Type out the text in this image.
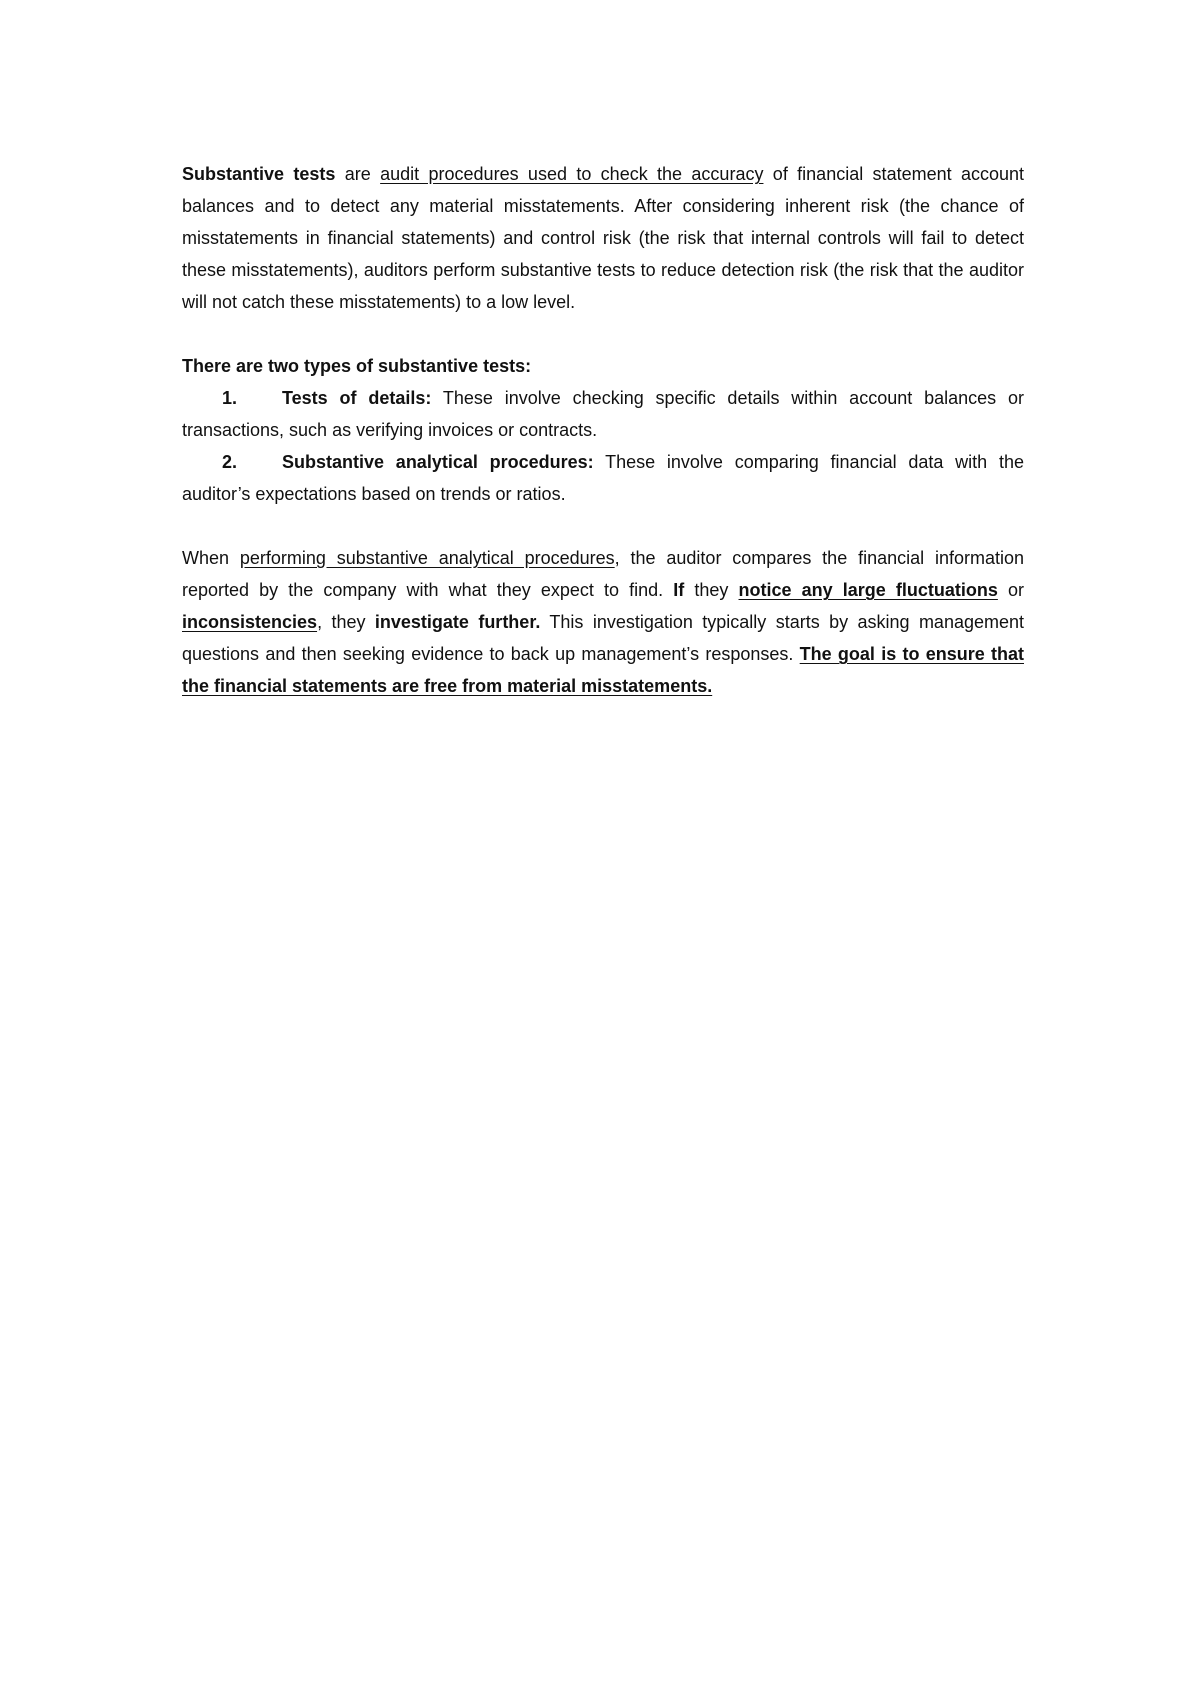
Substantive tests are audit procedures used to check the accuracy of financial statement account balances and to detect any material misstatements. After considering inherent risk (the chance of misstatements in financial statements) and control risk (the risk that internal controls will fail to detect these misstatements), auditors perform substantive tests to reduce detection risk (the risk that the auditor will not catch these misstatements) to a low level.

There are two types of substantive tests:

1. Tests of details: These involve checking specific details within account balances or transactions, such as verifying invoices or contracts.

2. Substantive analytical procedures: These involve comparing financial data with the auditor’s expectations based on trends or ratios.

When performing substantive analytical procedures, the auditor compares the financial information reported by the company with what they expect to find. If they notice any large fluctuations or inconsistencies, they investigate further. This investigation typically starts by asking management questions and then seeking evidence to back up management’s responses. The goal is to ensure that the financial statements are free from material misstatements.
